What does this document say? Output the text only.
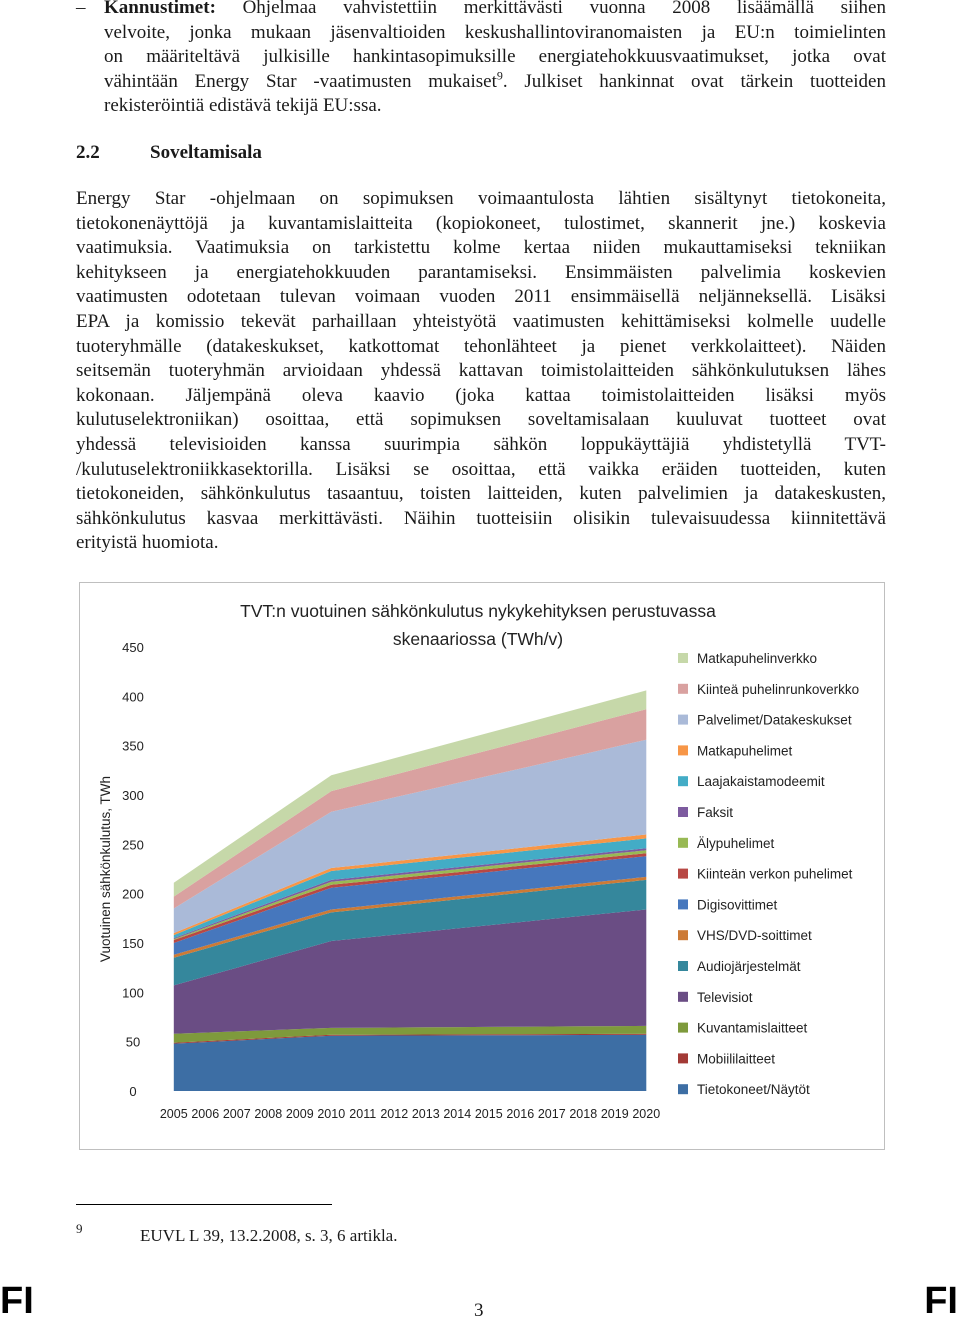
– Kannustimet: Ohjelmaa vahvistettiin merkittävästi vuonna 2008 lisäämällä siihen
velvoite, jonka mukaan jäsenvaltioiden keskushallintoviranomaisten ja EU:n toimielinten
on määriteltävä julkisille hankintasopimuksille energiatehokkuusvaatimukset, jotka ovat
vähintään Energy Star -vaatimusten mukaiset$^9$. Julkiset hankinnat ovat tärkein tuotteiden
rekisteröintiä edistävä tekijä EU:ssa.
2.2	Soveltamisala
Energy Star -ohjelmaan on sopimuksen voimaantulosta lähtien sisältynyt tietokoneita,
tietokonenäyttöjä ja kuvantamislaitteita (kopiokoneet, tulostimet, skannerit jne.) koskevia
vaatimuksia. Vaatimuksia on tarkistettu kolme kertaa niiden mukauttamiseksi tekniikan
kehitykseen ja energiatehokkuuden parantamiseksi. Ensimmäisten palvelimia koskevien
vaatimusten odotetaan tulevan voimaan vuoden 2011 ensimmäisellä neljänneksellä. Lisäksi
EPA ja komissio tekevät parhaillaan yhteistyötä vaatimusten kehittämiseksi kolmelle uudelle
tuoteryhmälle (datakeskukset, katkottomat tehonlähteet ja pienet verkkolaitteet). Näiden
seitsemän tuoteryhmän arvioidaan yhdessä kattavan toimistolaitteiden sähkönkulutuksen lähes
kokonaan. Jäljempänä oleva kaavio (joka kattaa toimistolaitteiden lisäksi myös
kulutuselektroniikan) osoittaa, että sopimuksen soveltamisalaan kuuluvat tuotteet ovat
yhdessä televisioiden kanssa suurimpia sähkön loppukäyttäjiä yhdistetyllä TVT-
/kulutuselektroniikkasektorilla. Lisäksi se osoittaa, että vaikka eräiden tuotteiden, kuten
tietokoneiden, sähkönkulutus tasaantuu, toisten laitteiden, kuten palvelimien ja datakeskusten,
sähkönkulutus kasvaa merkittävästi. Näihin tuotteisiin olisikin tulevaisuudessa kiinnitettävä
erityistä huomiota.
TVT:n vuotuinen sähkönkulutus nykykehityksen perustuvassa
skenaariossa (TWh/v)
Vuotuinen sähkönkulutus, TWh
0
50
100
150
200
250
300
350
400
450
2005 2006 2007 2008 2009 2010 2011 2012 2013 2014 2015 2016 2017 2018 2019 2020
Matkapuhelinverkko
Kiinteä puhelinrunkoverkko
Palvelimet/Datakeskukset
Matkapuhelimet
Laajakaistamodeemit
Faksit
Älypuhelimet
Kiinteän verkon puhelimet
Digisovittimet
VHS/DVD-soittimet
Audiojärjestelmät
Televisiot
Kuvantamislaitteet
Mobiililaitteet
Tietokoneet/Näytöt
9	EUVL L 39, 13.2.2008, s. 3, 6 artikla.
FI	3	FI
